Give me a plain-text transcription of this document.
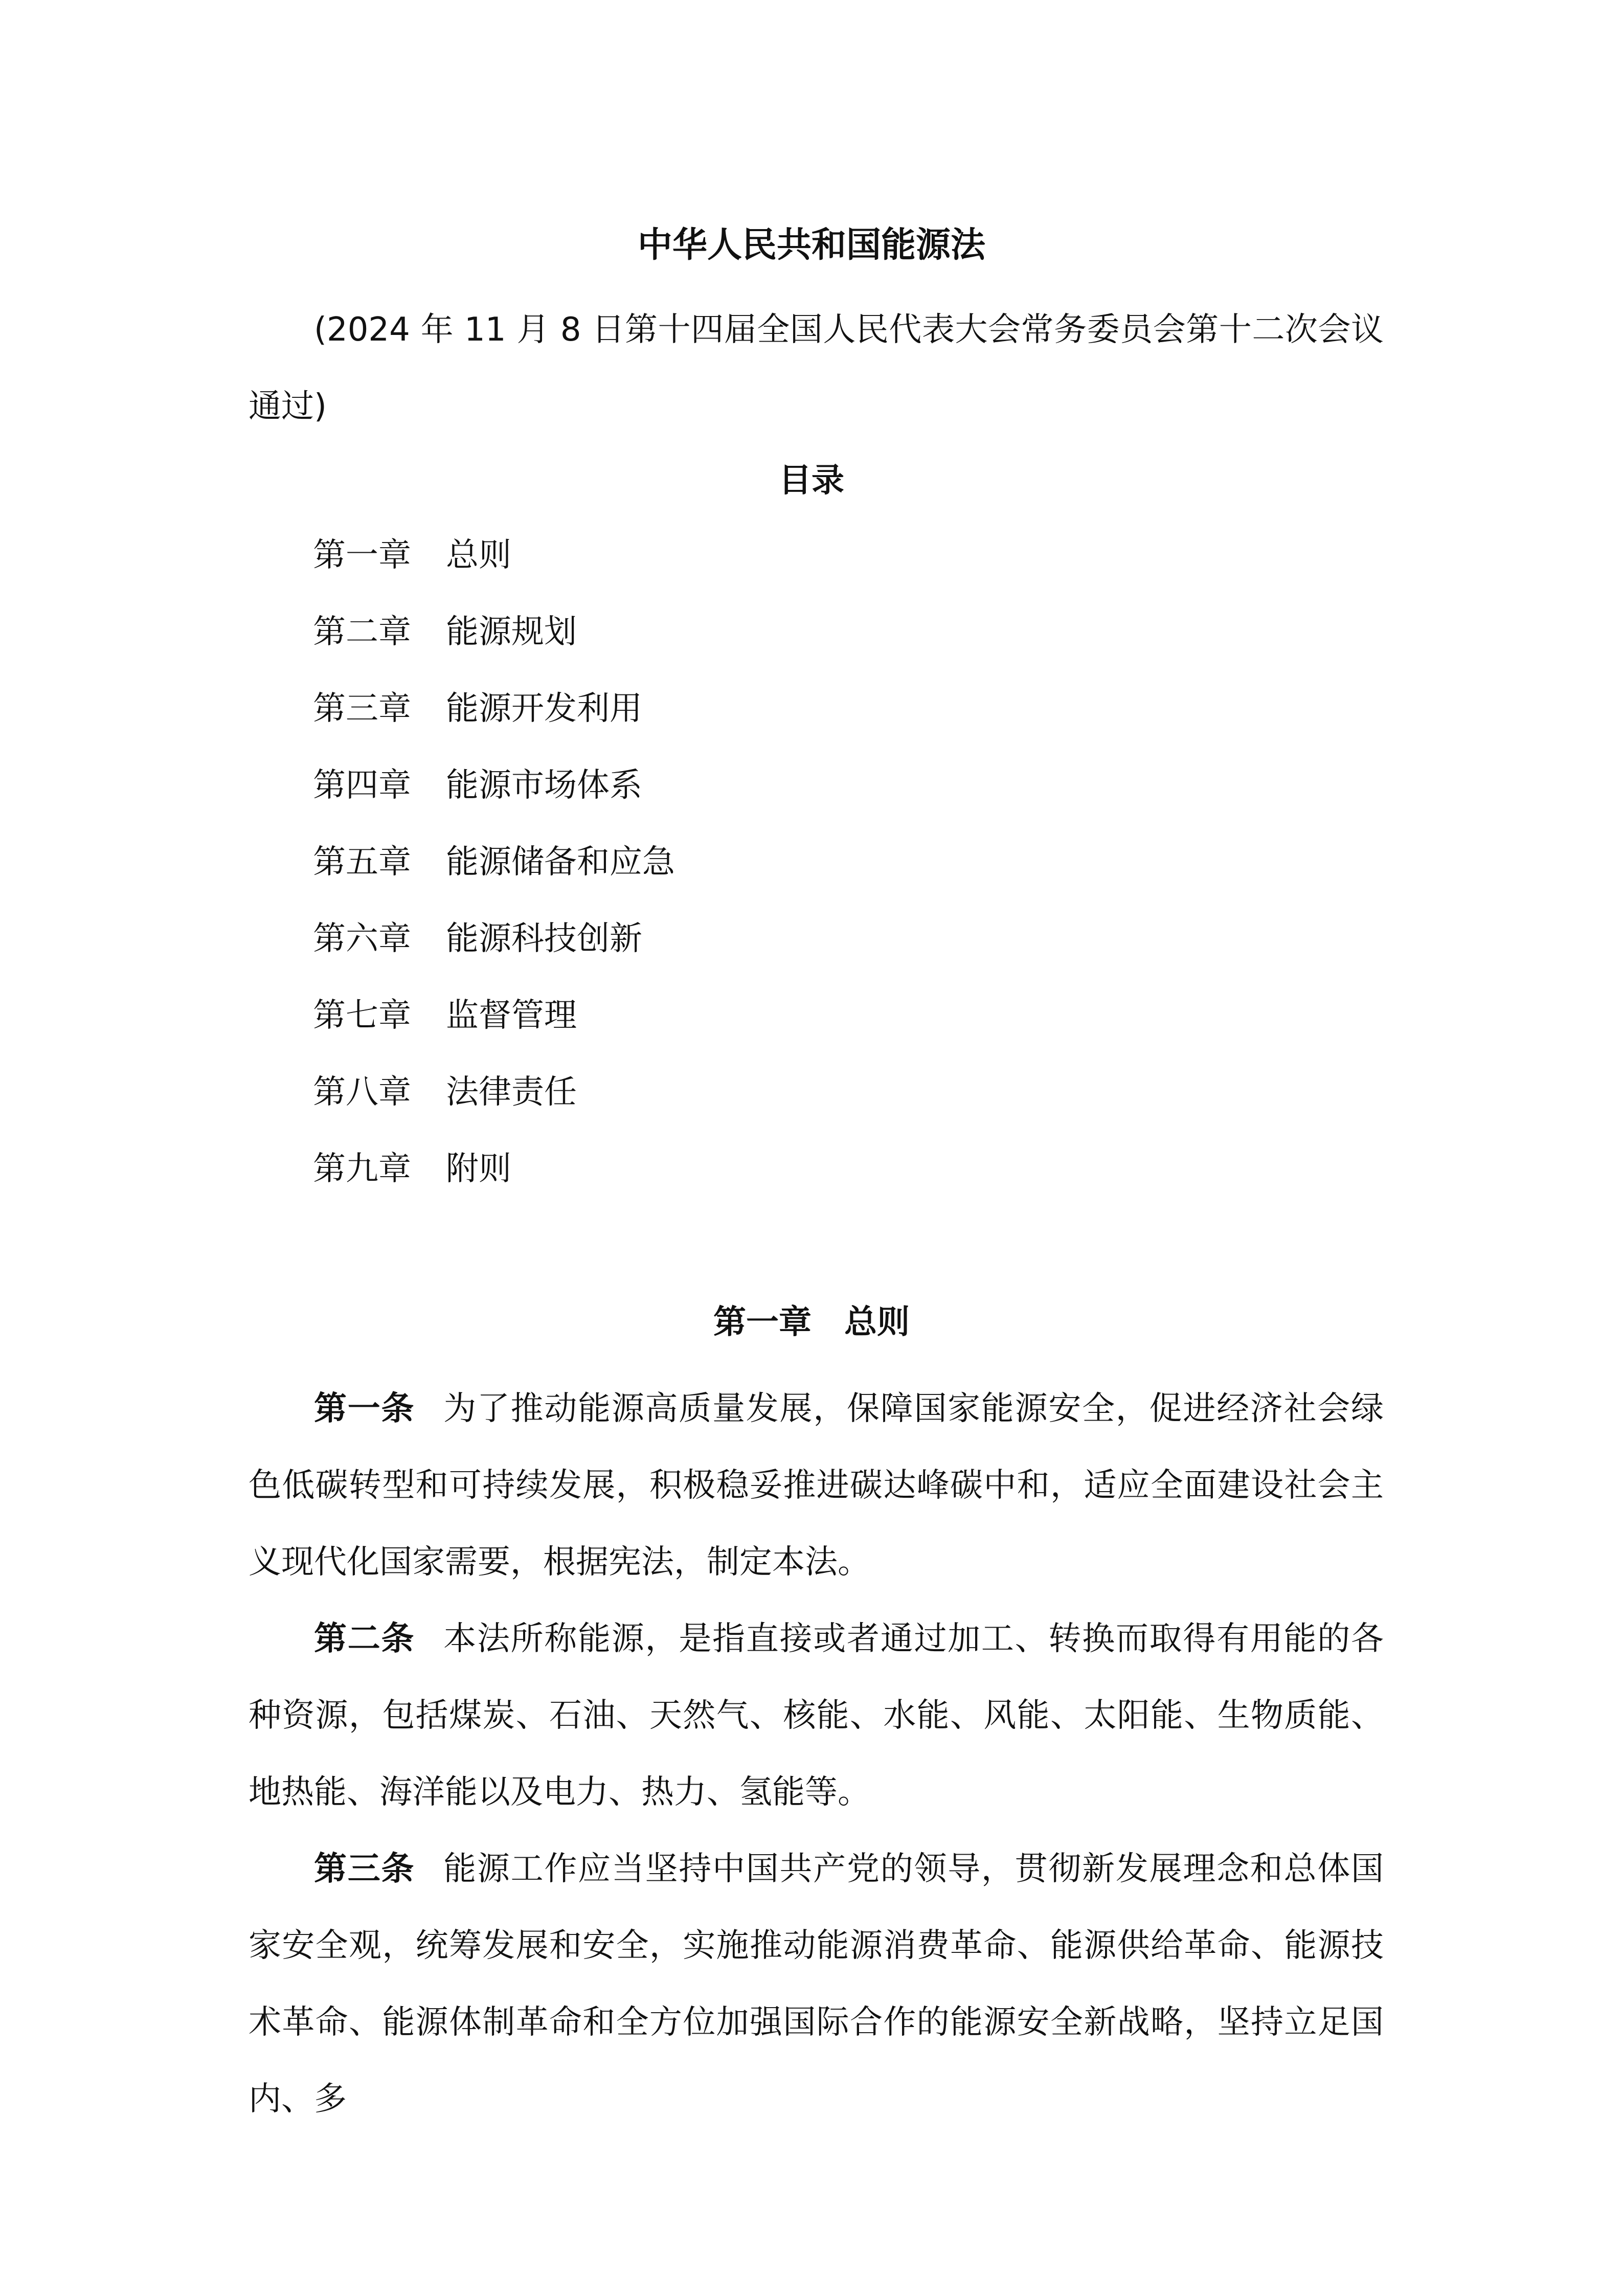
中华人民共和国能源法
(2024 年 11 月 8 日第十四届全国人民代表大会常务委员会第十二次会议通过)
目录
第一章 总则
第二章 能源规划
第三章 能源开发利用
第四章 能源市场体系
第五章 能源储备和应急
第六章 能源科技创新
第七章 监督管理
第八章 法律责任
第九章 附则
第一章 总则

第一条 为了推动能源高质量发展，保障国家能源安全，促进经济社会绿色低碳转型和可持续发展，积极稳妥推进碳达峰碳中和，适应全面建设社会主义现代化国家需要，根据宪法，制定本法。

第二条 本法所称能源，是指直接或者通过加工、转换而取得有用能的各种资源，包括煤炭、石油、天然气、核能、水能、风能、太阳能、生物质能、地热能、海洋能以及电力、热力、氢能等。

第三条 能源工作应当坚持中国共产党的领导，贯彻新发展理念和总体国家安全观，统筹发展和安全，实施推动能源消费革命、能源供给革命、能源技术革命、能源体制革命和全方位加强国际合作的能源安全新战略，坚持立足国内、多
